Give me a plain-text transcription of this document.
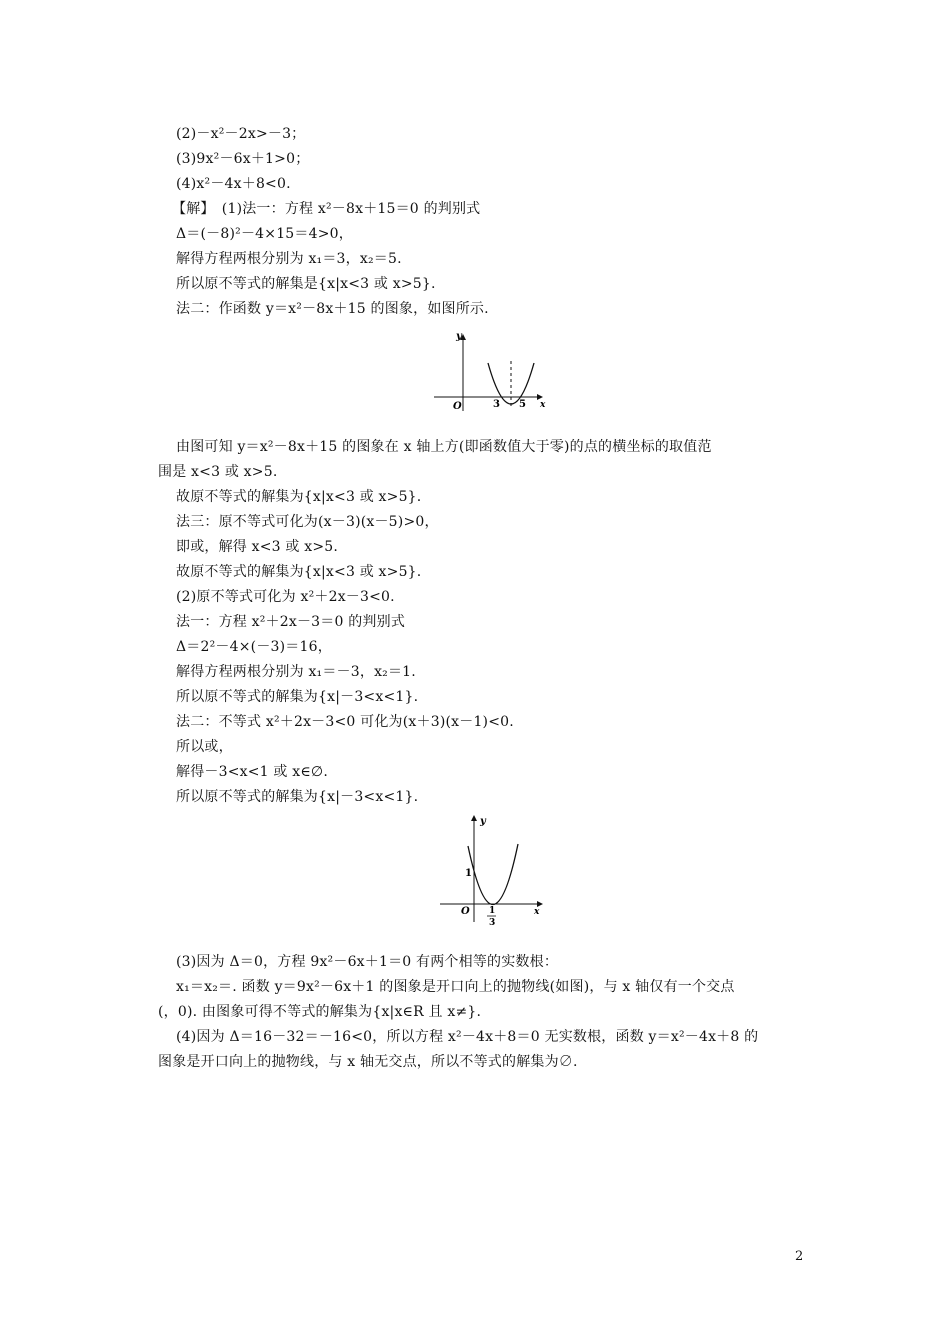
(2)－x²－2x>－3；
(3)9x²－6x＋1>0；
(4)x²－4x＋8<0.
【解】　(1)法一：方程 x²－8x＋15＝0 的判别式
Δ＝(－8)²－4×15＝4>0，
解得方程两根分别为 x₁＝3，x₂＝5.
所以原不等式的解集是{x|x<3 或 x>5}.
法二：作函数 y＝x²－8x＋15 的图象，如图所示.
y
x
O	3 5
由图可知 y＝x²－8x＋15 的图象在 x 轴上方(即函数值大于零)的点的横坐标的取值范
围是 x<3 或 x>5.
故原不等式的解集为{x|x<3 或 x>5}.
法三：原不等式可化为(x－3)(x－5)>0，
即或，解得 x<3 或 x>5.
故原不等式的解集为{x|x<3 或 x>5}.
(2)原不等式可化为 x²＋2x－3<0.
法一：方程 x²＋2x－3＝0 的判别式
Δ＝2²－4×(－3)＝16，
解得方程两根分别为 x₁＝－3，x₂＝1.
所以原不等式的解集为{x|－3<x<1}.
法二：不等式 x²＋2x－3<0 可化为(x＋3)(x－1)<0.
所以或，
解得－3<x<1 或 x∈∅.
所以原不等式的解集为{x|－3<x<1}.
y
x
O
1
1
3
(3)因为 Δ＝0，方程 9x²－6x＋1＝0 有两个相等的实数根：
x₁＝x₂＝. 函数 y＝9x²－6x＋1 的图象是开口向上的抛物线(如图)，与 x 轴仅有一个交点
(，0). 由图象可得不等式的解集为{x|x∈R 且 x≠}.
(4)因为 Δ＝16－32＝－16<0，所以方程 x²－4x＋8＝0 无实数根，函数 y＝x²－4x＋8 的
图象是开口向上的抛物线，与 x 轴无交点，所以不等式的解集为∅.
2
